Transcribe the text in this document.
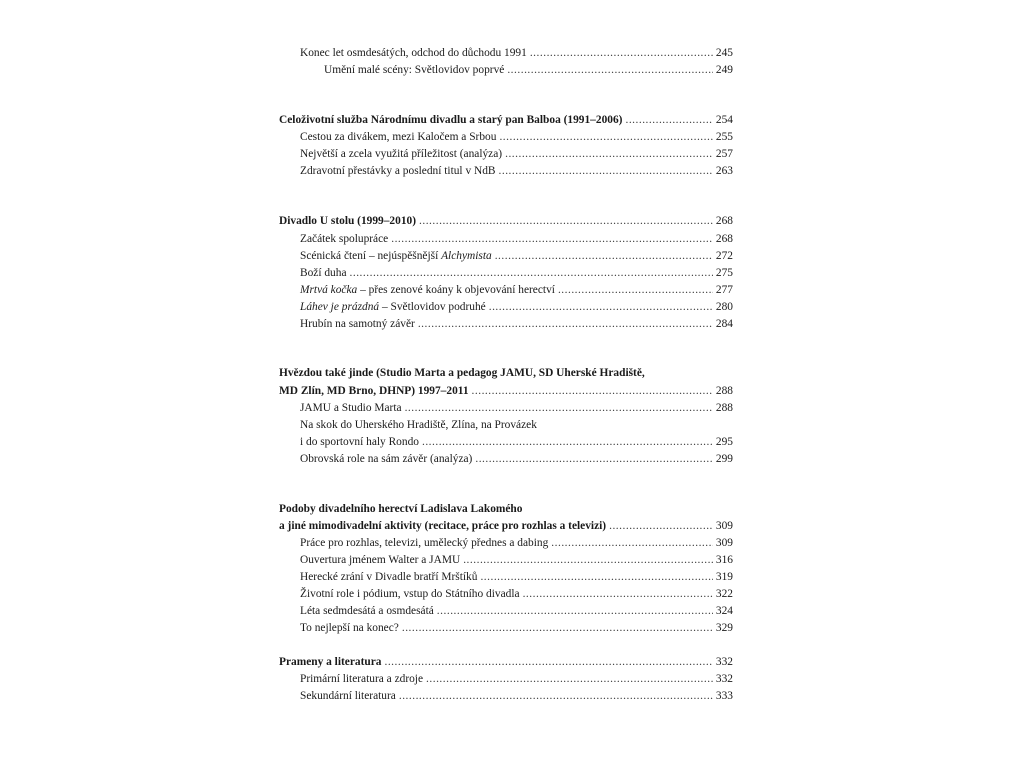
Konec let osmdesátých, odchod do důchodu 1991 .....	245
Umění malé scény: Světlovidov poprvé .....	249
Celoživotní služba Národnímu divadlu a starý pan Balboa (1991–2006) .....	254
Cestou za divákem, mezi Kaločem a Srbou .....	255
Největší a zcela využitá příležitost (analýza) .....	257
Zdravotní přestávky a poslední titul v NdB .....	263
Divadlo U stolu (1999–2010) .....	268
Začátek spolupráce .....	268
Scénická čtení – nejúspěšnější Alchymista .....	272
Boží duha .....	275
Mrtvá kočka – přes zenové koány k objevování herectví .....	277
Láhev je prázdná – Světlovidov podruhé .....	280
Hrubín na samotný závěr .....	284
Hvězdou také jinde (Studio Marta a pedagog JAMU, SD Uherské Hradiště,
MD Zlín, MD Brno, DHNP) 1997–2011 .....	288
JAMU a Studio Marta .....	288
Na skok do Uherského Hradiště, Zlína, na Provázek
i do sportovní haly Rondo .....	295
Obrovská role na sám závěr (analýza) .....	299
Podoby divadelního herectví Ladislava Lakomého
a jiné mimodivadelní aktivity (recitace, práce pro rozhlas a televizi) .....	309
Práce pro rozhlas, televizi, umělecký přednes a dabing .....	309
Ouvertura jménem Walter a JAMU .....	316
Herecké zrání v Divadle bratří Mrštíků .....	319
Životní role i pódium, vstup do Státního divadla .....	322
Léta sedmdesátá a osmdesátá .....	324
To nejlepší na konec? .....	329
Prameny a literatura .....	332
Primární literatura a zdroje .....	332
Sekundární literatura .....	333
